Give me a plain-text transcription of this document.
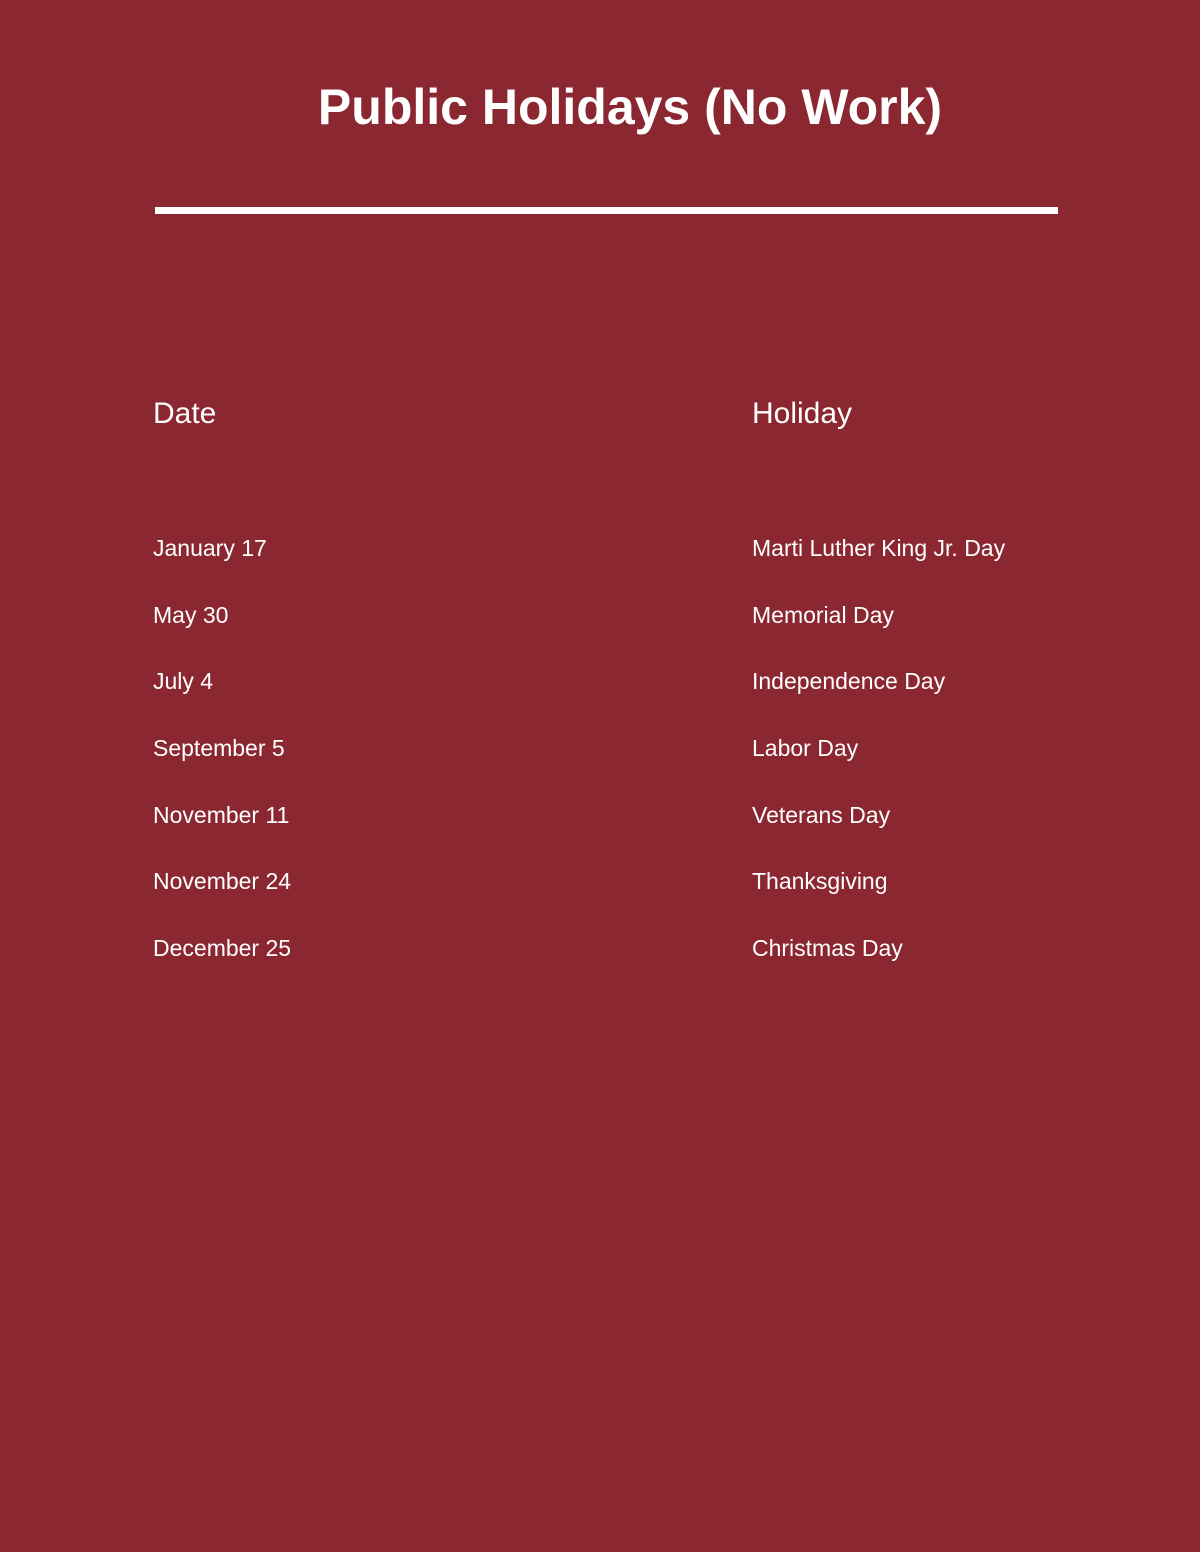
Public Holidays (No Work)
Date	Holiday
January 17	Marti Luther King Jr. Day
May 30	Memorial Day
July 4	Independence Day
September 5	Labor Day
November 11	Veterans Day
November 24	Thanksgiving
December 25	Christmas Day
